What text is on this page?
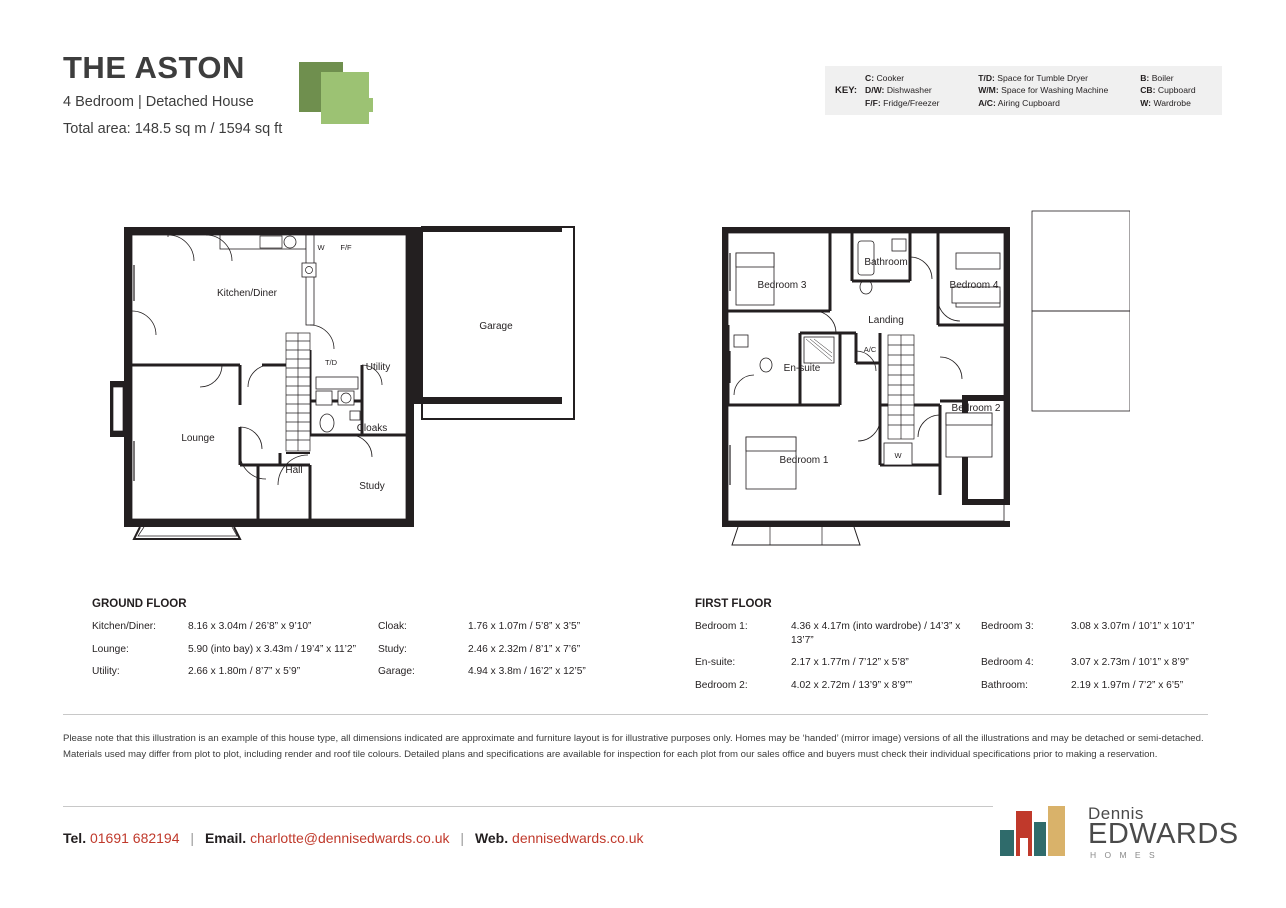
THE ASTON
4 Bedroom | Detached House
Total area: 148.5 sq m / 1594 sq ft
KEY:
C: Cooker
D/W: Dishwasher
F/F: Fridge/Freezer
T/D: Space for Tumble Dryer
W/M: Space for Washing Machine
A/C: Airing Cupboard
B: Boiler
CB: Cupboard
W: Wardrobe
Kitchen/Diner
Garage
Utility
Cloaks
Lounge
Hall
Study
W F/F
T/D
Bedroom 3
Bathroom
Bedroom 4
Landing
En-suite
Bedroom 2
Bedroom 1
A/C
W
GROUND FLOOR
Kitchen/Diner:	8.16 x 3.04m / 26’8” x 9’10”	Cloak:	1.76 x 1.07m / 5’8” x 3’5”
Lounge:	5.90 (into bay) x 3.43m / 19’4” x 11’2”	Study:	2.46 x 2.32m / 8’1” x 7’6”
Utility:	2.66 x 1.80m / 8’7” x 5’9”	Garage:	4.94 x 3.8m / 16’2” x 12’5”
FIRST FLOOR
Bedroom 1:	4.36 x 4.17m (into wardrobe) / 14’3” x 13’7”	Bedroom 3:	3.08 x 3.07m / 10’1” x 10’1”
En-suite:	2.17 x 1.77m / 7’12” x 5’8”	Bedroom 4:	3.07 x 2.73m / 10’1” x 8’9”
Bedroom 2:	4.02 x 2.72m / 13’9” x 8’9””	Bathroom:	2.19 x 1.97m / 7’2” x 6’5”
Please note that this illustration is an example of this house type, all dimensions indicated are approximate and furniture layout is for illustrative purposes only. Homes may be ‘handed’ (mirror image) versions of all the illustrations and may be detached or semi-detached. Materials used may differ from plot to plot, including render and roof tile colours. Detailed plans and specifications are available for inspection for each plot from our sales office and buyers must check their individual specifications prior to making a reservation.
Tel. 01691 682194 | Email. charlotte@dennisedwards.co.uk | Web. dennisedwards.co.uk
Dennis
EDWARDS
H O M E S
